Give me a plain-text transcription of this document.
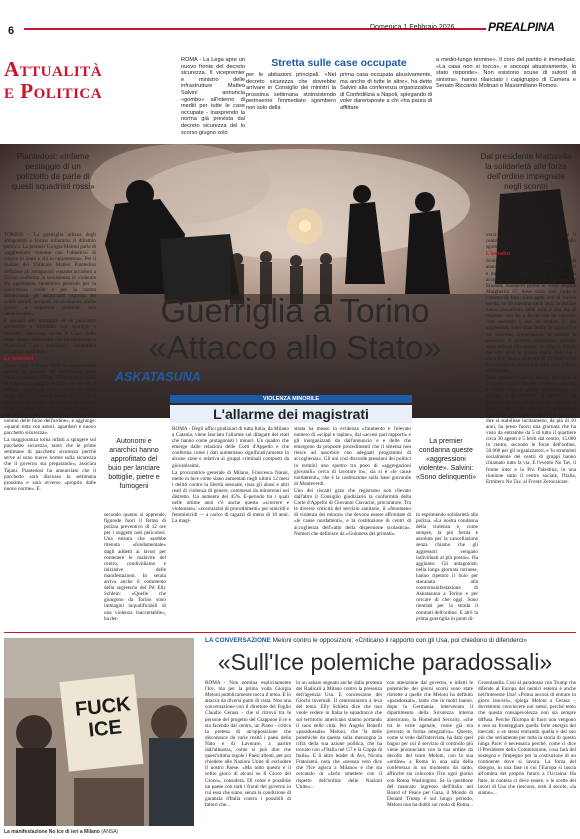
6	Domenica 1 Febbraio 2026	PREALPINA
Attualità
e Politica
ROMA - La Lega apre un nuovo fronte del decreto sicurezza. Il vicepremier e ministro delle infrastrutture Matteo Salvini annuncia «gombo» all'interno di mediti per tutte le case occupate - inasprendo la norma già prevista dal decreto sicurezza del lo scorso giugno solo
Stretta sulle case occupate
per le abitazioni principali. «Nel decreto sicurezza che dovrebbe arrivare in Consiglio dei ministri la prossima settimana stoinsistendo perinserire l'immediato sgombero non solo della
prima casa occupata abusivamente, ma anche di tutte le altre», ha detto Salvini alla conferenza organizzativa di Confedilizia a Napoli, spiegando di voler darerisposte a chi «ha paura di affittare
a medio-lungo termine». Il coro del partito è immediato. «La casa non si tocca», e soccupi abusivamente, lo stato risponde». Non esistono scuse di sutorit di sinistra», hanno rilanciato i capigruppo di Camera e Senato Riccardo Molinari e Massimiliano Romeo.
Piantedosi: «Infame pestaggio di un poliziotto da parte di questi squadristi rossi»
Dal presidente Mattarella la solidarietà alle forze dell'ordine impegnate negli scontri
Guerriglia a Torino
«Attacco allo Stato»
ASKATASUNA Scontri dopo il corteo per il centro sociale

TORINO - La guerriglia urbana degli antagonisti a Torino infiamma il dibattito politico. La premier Giorgia Meloni parla di «aggressioni violente con l'obiettivo di colpire lo Stato e chi lo rappresenta». Per il titolare del Viminale Matteo Piantedosi definisce gli antagonisti «quanto accaduto a Torino conferma la sussistenza di violentie chi appresenta l'autentico pericolo per la convivenza civile e per la nostra democrazia: gli antagonisti espressi dei centri sociali occupati abusivamente anche grazie a coperture politiche ben identificabili».

E davanti alle immagini di un poliziotto circondato e picchiato con sprangle e martelli, interviene anche il Capo dello Stato Sergio Mattarella che ha telefonato a Piantedosi per esprimere solidarietà all'agente aggredito.

Le reazioni

Dalla Lega a Forza Italia la maggioranza accusa la sinistra di legittimare certi comportamenti violenti. «Delinquenti quelli di Askatasuna pagano di loro» c'è solo chi il difende, ricorda gli antifa e i gio-vani della Lega. «Ecco chi ama le piazze di chi oggi li sostiene». Ma la pax del centro è arrivata ed è un seriosatto appoggi di Matteo Salvini, che firma «gli antagonisti delle donne e agli uomini delle forze dell'ordine», e aggiunge: «quanti tutta con amori, agamberi e nuovo pacchetto sicurezza».

La maggioranza torna infatti a spingere sul pacchetto sicurezza, tanto che le prime settimane di pacchetto sicurezza perchè serve al sono nuove norme sulla sicurezza che il governo sta preparando», assicura Tajani. Piantedosi ha annunciato che il pacchetto sarà discusso la settimana prossima e sarà avverso «proprio dalle nuove norme». E.

Autonomi e anarchici hanno approfittato del buio per lanciare bottiglie, pietre e fumogeni
secondo quanto si apprende, figurede fuori il fermo di polizia preventivo di 12 ore per i soggetti noti pericolosi. Una misura che sarebbe ritenuta «fondamentale» dagli addetti ai lavori per contenere le malavite del centro, condividiamo e iniziative delle manifestazioni. In serata arriva anche il commento della segretaria del Pd Elly Schlein: «Quelle che giungono da Torino sono immagini inqualificabili di una violenza inaccettabile», ha det-
VIOLENZA MINORILE
L'allarme dei magistrati

ROMA - Degli uffici giudiziari di tutta Italia, da Milano a Catania, viene lanciato l'allarme sul dilagare dei reati che hanno come protagonisti i minori. Un quadro che emerge dalle relazioni delle Corti d'Appello e che conferma come i dati aumentano significativamente in alcune zone e relativa ai gruppi criminali composti da giovanissimi.

La procuratrice generale di Milano, Francesca Nanni, mette in luce come siano aumentati negli ultimi 12 mesi i delitti contro la libertà sessuale, rissa gli abusi e altri reati di violenza di genere, commessi da minorenni nel distretto. Un aumento del 45%. E-periodo tra i quali nelle ultime anni c'è anche questo «scorrere e violentare»: «scorrazzini di procedimenti» per omicidi e femminicidi — a carico di ragazzi di meno di 18 anni. La magi-

strata ha messo in evidenza «l'aumento e l'elevato numero di «scippi e rapine», dai «accesi pari rapporti» e gli inorganizzati da dall'annuncio e e delle che emergono da proposte procedimenti che il sistema non riesce ad assorbire con adeguati programmi di accoglienza». Gli uni così discorde pressioni dei politici in termini uno spettro tra poco di «aggregazioni giovanili» cerca di lavorare in», sia si è «le cause nordattenti», che è la costituzione sulla base giovanile di Monteverdi.

Uno dei riscatti gran che registrano non rilevato dall'altro il Consiglio giudiziario la conformità della Corte d'Appello di Giovanni Ciavarini, procuratore. Tra le diverse criticità del servizio sanitario, il «fenomeno di violenza dei minori» che devono essere affrontate di «le cause nordattenti», e la costituzione di centri di accoglienza dell'«atto della dispersione scolastica». Numeri che definisce da «Guinness dei primati».

La premier condanna queste «aggressioni violente». Salvini: «Sono delinquenti»
to esprimendo solidarietà alla polizia. «La nostra condanna della violenza è, come sempre, la più ferma e assoluta per la cancellazione senza chiamo che gli aggressori vengano individuati al più presto». Ha aggiunto: Gli antagonisti, nella lunga giornata torinese, hanno ripetuto il buio per stacanata alla contromanifestazione di Askatasuna a Torino e per cercare di che oggi. Sono rientrati per la strada il comitati dell'ordine. E ab'è la prima guerriglia in punti di-

versi del quartiere Vanchiglia, dove il centro sociale aveva sede prima dello sgombero del 18 dicembre.

L'assalto

Sono stati gruppi di autonomi e di anarchici a lanciare bottiglie, razzi da fuori e metallo artigianali, pietre, fumogeni. E accudato dietro al campus universitario Einaudi, massacro prima in corso Regina Margherita 47, dove sono stati l'aula e l'ultima di loro. Una parte era di nuovo quella, se decidevano nelle sedi, le polizie hanno riscontrato delle zone e una via di ingresso con fai a faccia che ha superato l'era enorme. I due da scontri le più aggressive, sono state molte le aggiuntive del distretto. Un'occasione di sfidare la questura. I governi dell'ultimo periodo sono arrivati alla piazza, in cima ai minuti del sito, dove le polizie hanno dato più i disordini, hanno ricevuto di 15 feriti nella conformità dei messi e in altre zone e forze dell'ordine.

Sulle tentazioni per la difesa, guerriglia e di questi «sono crisi del cittadino», riparati a Torino. Una di queste testimonianze di gruppo, è di collettivi di autonomi. In sostegno trovato un spazio per i partiti di sinistra; da subito non mi sono sbagliati del Fronte, rinato dal consiglio e. Bisogna dire si stabilisse incitamento, da più di 10 anni, ha preso fuoco una giornata che ha visto da entrambe da 5 di tutto il quartiere circa 30 agenti e 5 feriti dal centro, 15.000 in centro, secondo le forze dell'ordine, 50.000 per gli organizzatori, e 'lo strumenti socialmente dei centri di gruppi hanno chiamato tutto la via, E l'evento No Tav, il fronte inter e la Pro Palestina, in una riunione sotto il centro sociale, l'Italia, Ermitero No Tav, al Fronte Zerocalcare.

FUCK ICE
La manifestazione No Ice di ieri a Milano (ANSA)
LA CONVERSAZIONE Meloni contro le opposizioni: «Criticano il rapporto con gli Usa, poi chiedono di difenderci»
«Sull'Ice polemiche paradossali»
ROMA - Non nomina esplicitamente l'Ice, ma per la prima volta Giorgia Meloni pubblicamente tocca il tema. E lo attacca da diversi punti di vista. Non una conversazione con il direttore del Foglio Claudio Cerasa - che si ritrova tra le persone del progetto del Giappone il re e sta facendo dal centro, un Piano - critica la pretesa di un'opposizione che disconosce da varie realtà i paesi della Nato e di Lavorare, a partire dall'alleanza, come si può dire che quest'ultima regole i Paesi alleati, per poi chiedere alle Nazioni Unite di escludere il nostro Paese. «Ma tutto questo è il solito gioco di alcuni su Il Gioco del Gioco», considera. Di come è possibile un paese con tutti i fronti del governo in cui essa che siano, senza la condizione di garanzia d'Italia contro i possibili di fattori che...
in un sabato segnato anche dalla protesta dei Radicali a Milano contro la presenza dell'agenzia Usa. E concessione dei Giochi invernali. Il centrosinistra a leva del tema. Elly Schlein dice che non vuole vedere in Italia le squadracce che sul territorio americano stanno portando il caos nelle città. Per Angelo Bonelli «paradossale» Meloni, che 'fa delle polemiche da questa sulla menzogna la cifra della sua azione politica, che ha trovato con «l'Italia nel G7 e la Coppa di Italia». E lì altro leader di Avs, Nicola Fratoianni, nota che «nessun vero dice che l'Ice agisca a Milano» e che sta cercando di «farlo smettere con il rispetto dell'ordine delle Nazioni Unite»...
con attenzione dal governo, e infatti le polemiche dei giorni scorsi sono state ristrette a quelle che Meloni ha definito «paradossali», tanto che in molti hanno, dopo la Germania, intervenuto il dipartimento della Sicurezza interna americano, la Homeland Security, «che tra le varie agenzie, come già era previsto in forma integrativa». Questo, come si vede dall'intervista, ha dato quel bagno per cui il servizio di controllo più viene pronunciato con la sua ordine da decollo del team Meloni, con la sua «ordine» a Roma in una sala della conferenza in un momento da tanto, affinché sia coinvolto l'Ice ogni giorno con Roma Washington. Se la questione del mancato ingresso dell'Italia nel Board of Peace per Gaza, il Mondo di Donald Trump è sul lungo periodo, Meloni non ha dubbi sul ruolo di Roma...
Groenlandia. Così al paradosso con Trump che difende al Europa dei nemici esterni è anche nell'interesse Usa! «Prima ancora di entrare in gioco lancerò», spiega Meloni a Cerasa -, dovremmo convincere noi stessi, perché temo che questa consapevolezza non sia sempre diffusa. Perché l'Europa di fuori non vengono e non sa fronteggiare quella forte energia dei mercati; o se stessi entrambi quella e del suo più che seriamente per tutta la storia di questo lunga Pace: è necessaria perché, come ci dice il Presidente della Commissione, cosa farà del sostegno e l'impegno per la costruzione di un continente dove si lavora. La forza del disegno, in una fase in cui l'Europa si lascia all'ombra del proprio futuro a l'Ucraina. Ha fatto, la contesa ci deve essere, e le scelte dei lavori di Usa che riescono, resti il secolo, «la siamo»...
